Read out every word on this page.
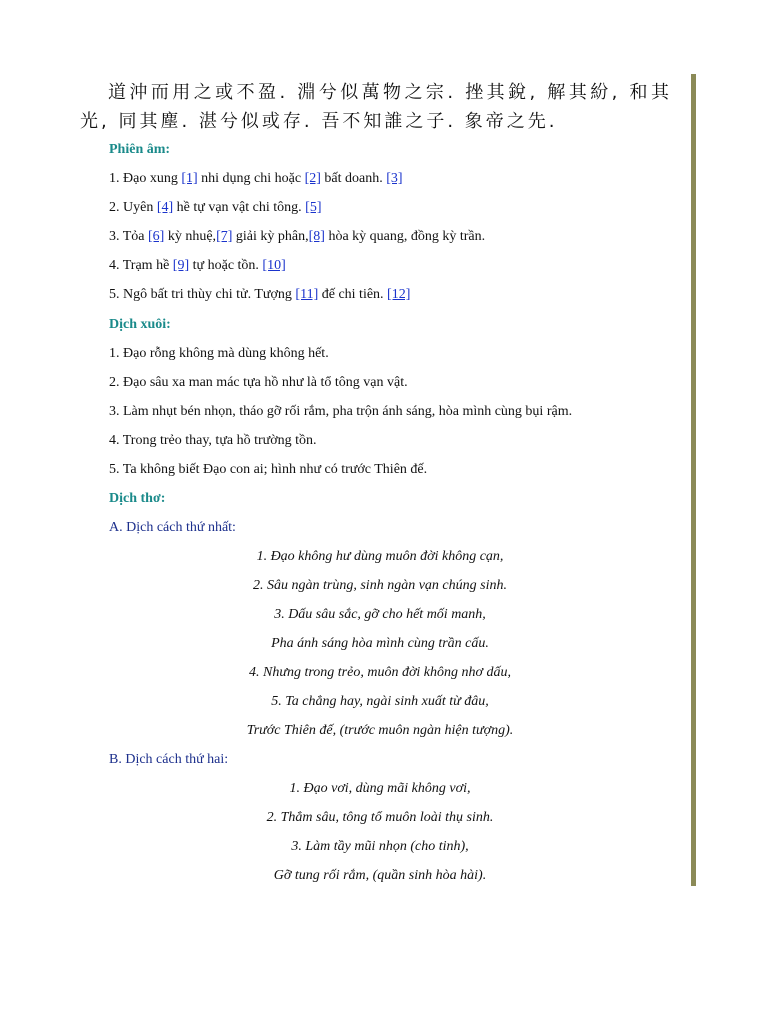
道沖而用之或不盈. 淵兮似萬物之宗. 挫其銳, 解其紛, 和其光, 同其塵. 湛兮似或存. 吾不知誰之子. 象帝之先.

Phiên âm:
1. Đạo xung [1] nhi dụng chi hoặc [2] bất doanh. [3]
2. Uyên [4] hề tự vạn vật chi tông. [5]
3. Tỏa [6] kỳ nhuệ,[7] giải kỳ phân,[8] hòa kỳ quang, đồng kỳ trần.
4. Trạm hề [9] tự hoặc tồn. [10]
5. Ngô bất tri thùy chi tử. Tượng [11] đế chi tiên. [12]
Dịch xuôi:
1. Đạo rỗng không mà dùng không hết.
2. Đạo sâu xa man mác tựa hồ như là tổ tông vạn vật.
3. Làm nhụt bén nhọn, tháo gỡ rối rắm, pha trộn ánh sáng, hòa mình cùng bụi rậm.
4. Trong trẻo thay, tựa hồ trường tồn.
5. Ta không biết Đạo con ai; hình như có trước Thiên đế.
Dịch thơ:
A. Dịch cách thứ nhất:
1. Đạo không hư dùng muôn đời không cạn,
2. Sâu ngàn trùng, sinh ngàn vạn chúng sinh.
3. Dấu sâu sắc, gỡ cho hết mối manh,
Pha ánh sáng hòa mình cùng trần cấu.
4. Nhưng trong trẻo, muôn đời không nhơ dấu,
5. Ta chẳng hay, ngài sinh xuất từ đâu,
Trước Thiên đế, (trước muôn ngàn hiện tượng).
B. Dịch cách thứ hai:
1. Đạo vơi, dùng mãi không vơi,
2. Thẳm sâu, tông tổ muôn loài thụ sinh.
3. Làm tầy mũi nhọn (cho tinh),
Gỡ tung rối rắm, (quần sinh hòa hài).
